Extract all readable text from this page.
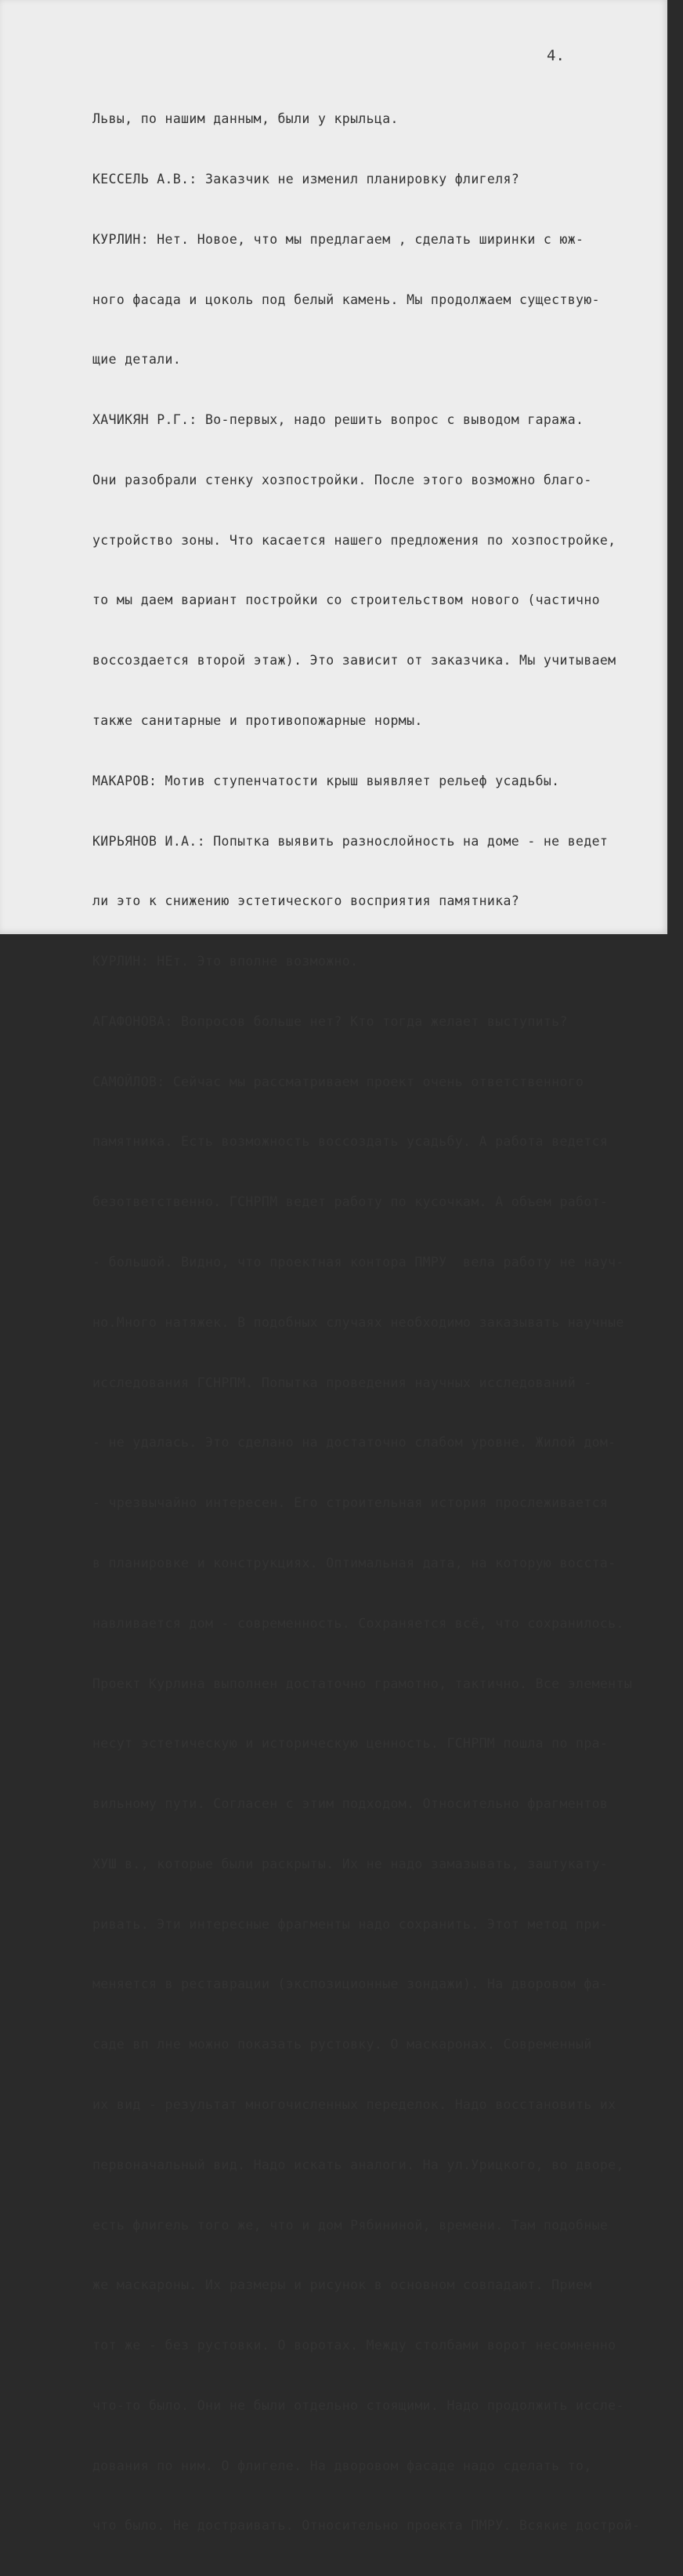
4.

Львы, по нашим данным, были у крыльца.

КЕССЕЛЬ А.В.: Заказчик не изменил планировку флигеля?

КУРЛИН: Нет. Новое, что мы предлагаем , сделать ширинки с юж-

ного фасада и цоколь под белый камень. Мы продолжаем существую-

щие детали.

ХАЧИКЯН Р.Г.: Во-первых, надо решить вопрос с выводом гаража.

Они разобрали стенку хозпостройки. После этого возможно благо-

устройство зоны. Что касается нашего предложения по хозпостройке,

то мы даем вариант постройки со строительством нового (частично

воссоздается второй этаж). Это зависит от заказчика. Мы учитываем

также санитарные и противопожарные нормы.

МАКАРОВ: Мотив ступенчатости крыш выявляет рельеф усадьбы.

КИРЬЯНОВ И.А.: Попытка выявить разнослойность на доме - не ведет

ли это к снижению эстетического восприятия памятника?

КУРЛИН: НЕт. Это вполне возможно.

АГАФОНОВА: Вопросов больше нет? Кто тогда желает выступить?

САМОЙЛОВ: Сейчас мы рассматриваем проект очень ответственного

памятника. Есть возможность воссоздать усадьбу. А работа ведется

безответственно. ГСНРПМ ведет работу по кусочкам. А объем работ-

- большой. Видно, что проектная контора ПМРУ  вела работу не науч-

но.Много натяжек. В подобных случаях необходимо заказывать научные

исследования ГСНРПМ. Попытка проведения научных исследований -

- не удалась. Это сделано на достаточно слабом уровне. Жилой дом-

- чрезвычайно интересен. Его строительная история прослеживается

в планировке и конструкциях. Оптимальная дата, на которую восста-

навливается дом - современность. Сохраняется всё, что сохранилось.

Проект Курлина выполнен достаточно грамотно, тактично. Все элементы

несут эстетическую и историческую ценность. ГСНРПМ пошла по пра-

вильному пути. Согласен с этим подходом. Относительно фрагментов

ХУШ в., которые были раскрыты. Их не надо замазывать, заштукату-

ривать. Эти интересные фрагменты надо сохранить. Этот метод при-

меняется в реставрации (экспозиционные зондажи). На дворовом фа-

саде вп лне можно показать рустовку. О маскаронах. Современный

их вид - результат многочисленных переделок. Надо восстановить их

первоначальный вид. Надо искать аналоги. На ул.Урицкого, во дворе,

есть флигель того же, что и дом Рябининой, времени. Там подобные

же маскароны. Их размеры и рисунок в основном совпадают. Прием

тот же - без рустовки. О воротах. Между столбами ворот несомненно

что-то было. Они не были отдельно стоящими. Надо продолжить иссле-

дования по ним. О флигеле. На дворовом фасаде надо сделать то,

что было. Не достраивать. Относительно проекта ПМРУ. Всякие дострой-
